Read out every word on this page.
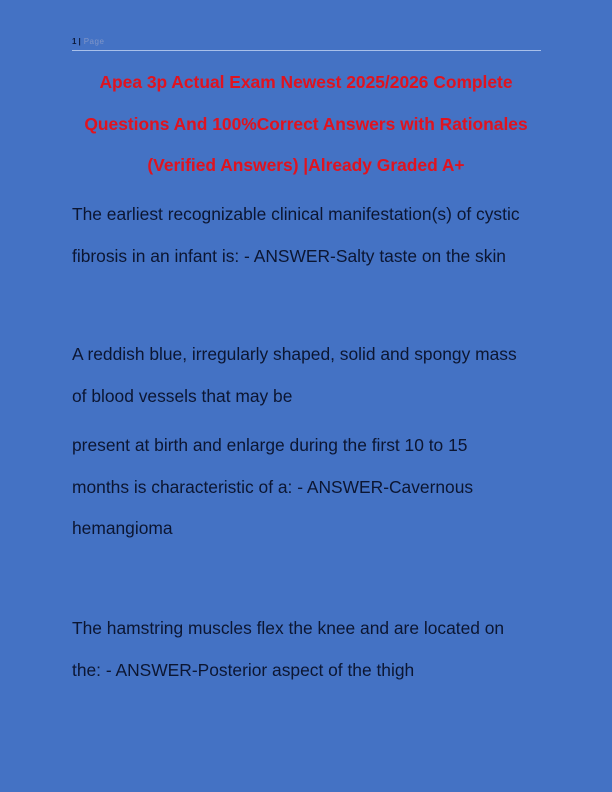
1 | Page
Apea 3p Actual Exam Newest 2025/2026 Complete
Questions And 100%Correct Answers with Rationales
(Verified Answers) |Already Graded A+
The earliest recognizable clinical manifestation(s) of cystic
fibrosis in an infant is: - ANSWER-Salty taste on the skin
A reddish blue, irregularly shaped, solid and spongy mass
of blood vessels that may be
present at birth and enlarge during the first 10 to 15
months is characteristic of a: - ANSWER-Cavernous
hemangioma
The hamstring muscles flex the knee and are located on
the: - ANSWER-Posterior aspect of the thigh
